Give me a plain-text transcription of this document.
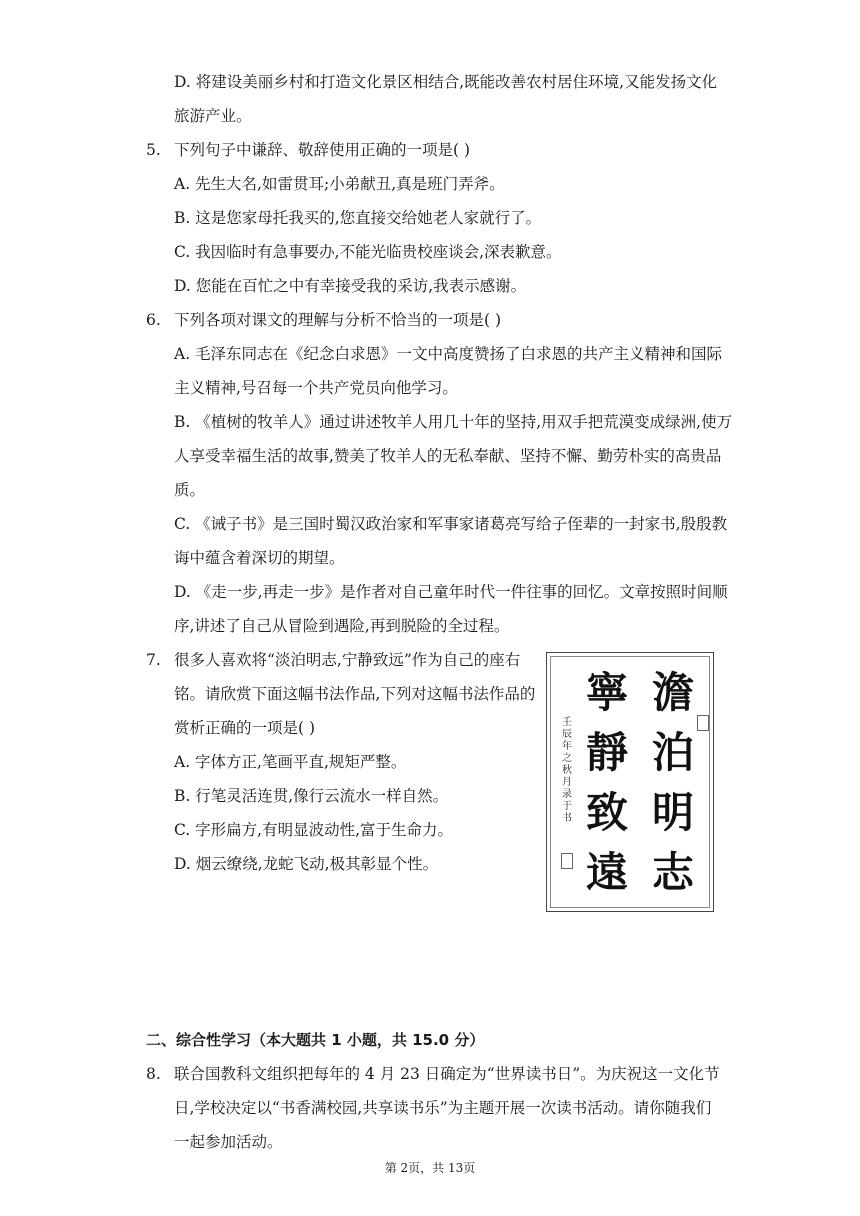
D. 将建设美丽乡村和打造文化景区相结合,既能改善农村居住环境,又能发扬文化
旅游产业。
5. 下列句子中谦辞、敬辞使用正确的一项是( )
A. 先生大名,如雷贯耳;小弟献丑,真是班门弄斧。
B. 这是您家母托我买的,您直接交给她老人家就行了。
C. 我因临时有急事要办,不能光临贵校座谈会,深表歉意。
D. 您能在百忙之中有幸接受我的采访,我表示感谢。
6. 下列各项对课文的理解与分析不恰当的一项是( )
A. 毛泽东同志在《纪念白求恩》一文中高度赞扬了白求恩的共产主义精神和国际
主义精神,号召每一个共产党员向他学习。
B. 《植树的牧羊人》通过讲述牧羊人用几十年的坚持,用双手把荒漠变成绿洲,使万
人享受幸福生活的故事,赞美了牧羊人的无私奉献、坚持不懈、勤劳朴实的高贵品
质。
C. 《诫子书》是三国时蜀汉政治家和军事家诸葛亮写给子侄辈的一封家书,殷殷教
诲中蕴含着深切的期望。
D. 《走一步,再走一步》是作者对自己童年时代一件往事的回忆。文章按照时间顺
序,讲述了自己从冒险到遇险,再到脱险的全过程。
7. 很多人喜欢将“淡泊明志,宁静致远”作为自己的座右
铭。请欣赏下面这幅书法作品,下列对这幅书法作品的
赏析正确的一项是( )
A. 字体方正,笔画平直,规矩严整。
B. 行笔灵活连贯,像行云流水一样自然。
C. 字形扁方,有明显波动性,富于生命力。
D. 烟云缭绕,龙蛇飞动,极其彰显个性。
澹
泊
明
志
寧
靜
致
遠
壬
辰
年
之
秋
月
录
于
书
二、综合性学习（本大题共 1 小题，共 15.0 分）
8. 联合国教科文组织把每年的 4 月 23 日确定为“世界读书日”。为庆祝这一文化节
日,学校决定以“书香满校园,共享读书乐”为主题开展一次读书活动。请你随我们
一起参加活动。
第 2页，共 13页
